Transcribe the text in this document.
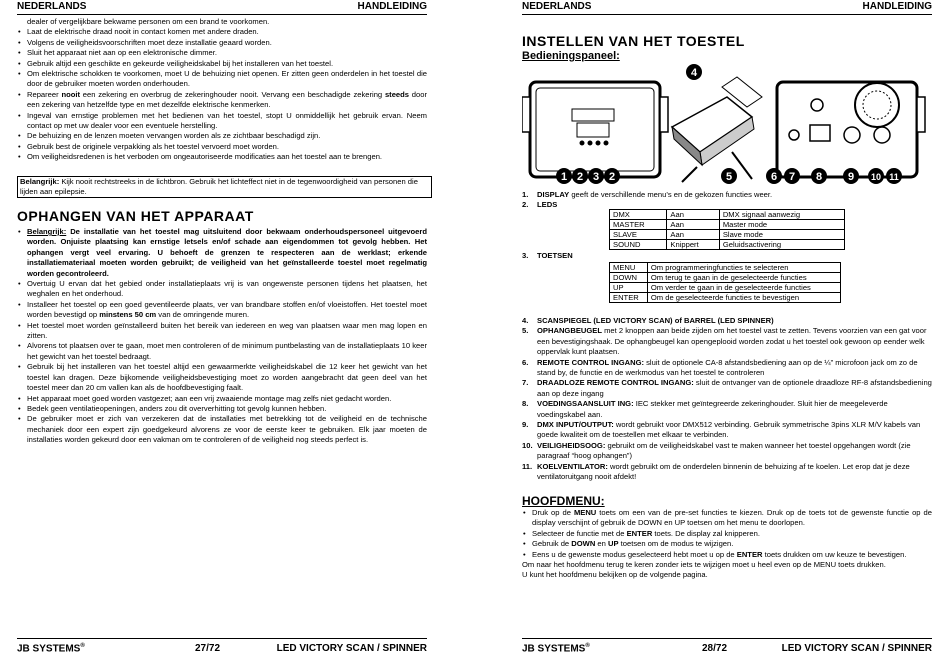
NEDERLANDS	HANDLEIDING
dealer of vergelijkbare bekwame personen om een brand te voorkomen.
• Laat de elektrische draad nooit in contact komen met andere draden.
• Volgens de veiligheidsvoorschriften moet deze installatie geaard worden.
• Sluit het apparaat niet aan op een elektronische dimmer.
• Gebruik altijd een geschikte en gekeurde veiligheidskabel bij het installeren van het toestel.
• Om elektrische schokken te voorkomen, moet U de behuizing niet openen. Er zitten geen onderdelen in het toestel die door de gebruiker moeten worden onderhouden.
• Repareer nooit een zekering en overbrug de zekeringhouder nooit. Vervang een beschadigde zekering steeds door een zekering van hetzelfde type en met dezelfde elektrische kenmerken.
• Ingeval van ernstige problemen met het bedienen van het toestel, stopt U onmiddellijk het gebruik ervan. Neem contact op met uw dealer voor een eventuele herstelling.
• De behuizing en de lenzen moeten vervangen worden als ze zichtbaar beschadigd zijn.
• Gebruik best de originele verpakking als het toestel vervoerd moet worden.
• Om veiligheidsredenen is het verboden om ongeautoriseerde modificaties aan het toestel aan te brengen.
Belangrijk: Kijk nooit rechtstreeks in de lichtbron. Gebruik het lichteffect niet in de tegenwoordigheid van personen die lijden aan epilepsie.
OPHANGEN VAN HET APPARAAT
• Belangrijk: De installatie van het toestel mag uitsluitend door bekwaam onderhoudspersoneel uitgevoerd worden. Onjuiste plaatsing kan ernstige letsels en/of schade aan eigendommen tot gevolg hebben. Het ophangen vergt veel ervaring. U behoeft de grenzen te respecteren aan de werklast; erkende installatiemateriaal moeten worden gebruikt; de veiligheid van het geïnstalleerde toestel moet regelmatig worden gecontroleerd.
• Overtuig U ervan dat het gebied onder installatieplaats vrij is van ongewenste personen tijdens het plaatsen, het weghalen en het onderhoud.
• Installeer het toestel op een goed geventileerde plaats, ver van brandbare stoffen en/of vloeistoffen. Het toestel moet worden bevestigd op minstens 50 cm van de omringende muren.
• Het toestel moet worden geïnstalleerd buiten het bereik van iedereen en weg van plaatsen waar men mag lopen en zitten.
• Alvorens tot plaatsen over te gaan, moet men controleren of de minimum puntbelasting van de installatieplaats 10 keer het gewicht van het toestel bedraagt.
• Gebruik bij het installeren van het toestel altijd een gewaarmerkte veiligheidskabel die 12 keer het gewicht van het toestel kan dragen. Deze bijkomende veiligheidsbevestiging moet zo worden aangebracht dat geen deel van het toestel meer dan 20 cm vallen kan als de hoofdbevestiging faalt.
• Het apparaat moet goed worden vastgezet; aan een vrij zwaaiende montage mag zelfs niet gedacht worden.
• Bedek geen ventilatieopeningen, anders zou dit oververhitting tot gevolg kunnen hebben.
• De gebruiker moet er zich van verzekeren dat de installaties met betrekking tot de veiligheid en de technische mechaniek door een expert zijn goedgekeurd alvorens ze voor de eerste keer te gebruiken. Elk jaar moeten de installaties worden gekeurd door een vakman om te controleren of de veiligheid nog steeds perfect is.
JB SYSTEMS®	27/72	LED VICTORY SCAN / SPINNER
NEDERLANDS	HANDLEIDING
INSTELLEN VAN HET TOESTEL
Bedieningspaneel:
1 2 3 2
4
5	6 7 8 9 10 11
1. DISPLAY geeft de verschillende menu’s en de gekozen functies weer.
2. LEDS
DMX	Aan	DMX signaal aanwezig
MASTER	Aan	Master mode
SLAVE	Aan	Slave mode
SOUND	Knippert	Geluidsactivering
3. TOETSEN
MENU	Om programmeringfuncties te selecteren
DOWN	Om terug te gaan in de geselecteerde functies
UP	Om verder te gaan in de geselecteerde functies
ENTER	Om de geselecteerde functies te bevestigen
4. SCANSPIEGEL (LED VICTORY SCAN) of BARREL (LED SPINNER)
5. OPHANGBEUGEL met 2 knoppen aan beide zijden om het toestel vast te zetten. Tevens voorzien van een gat voor een bevestigingshaak. De ophangbeugel kan opengeplooid worden zodat u het toestel ook gewoon op eender welk oppervlak kunt plaatsen.
6. REMOTE CONTROL INGANG: sluit de optionele CA-8 afstandsbediening aan op de ¼” microfoon jack om zo de stand by, de functie en de werkmodus van het toestel te controleren
7. DRAADLOZE REMOTE CONTROL INGANG: sluit de ontvanger van de optionele draadloze RF-8 afstandsbediening aan op deze ingang
8. VOEDINGSAANSLUIT ING: IEC stekker met geïntegreerde zekeringhouder. Sluit hier de meegeleverde voedingskabel aan.
9. DMX INPUT/OUTPUT: wordt gebruikt voor DMX512 verbinding. Gebruik symmetrische 3pins XLR M/V kabels van goede kwaliteit om de toestellen met elkaar te verbinden.
10. VEILIGHEIDSOOG: gebruikt om de veiligheidskabel vast te maken wanneer het toestel opgehangen wordt (zie paragraaf “hoog ophangen”)
11. KOELVENTILATOR: wordt gebruikt om de onderdelen binnenin de behuizing af te koelen. Let erop dat je deze ventilatoruitgang nooit afdekt!
HOOFDMENU:
• Druk op de MENU toets om een van de pre-set functies te kiezen. Druk op de toets tot de gewenste functie op de display verschijnt of gebruik de DOWN en UP toetsen om het menu te doorlopen.
• Selecteer de functie met de ENTER toets. De display zal knipperen.
• Gebruik de DOWN en UP toetsen om de modus te wijzigen.
• Eens u de gewenste modus geselecteerd hebt moet u op de ENTER toets drukken om uw keuze te bevestigen.
Om naar het hoofdmenu terug te keren zonder iets te wijzigen moet u heel even op de MENU toets drukken.
U kunt het hoofdmenu bekijken op de volgende pagina.
JB SYSTEMS®	28/72	LED VICTORY SCAN / SPINNER
